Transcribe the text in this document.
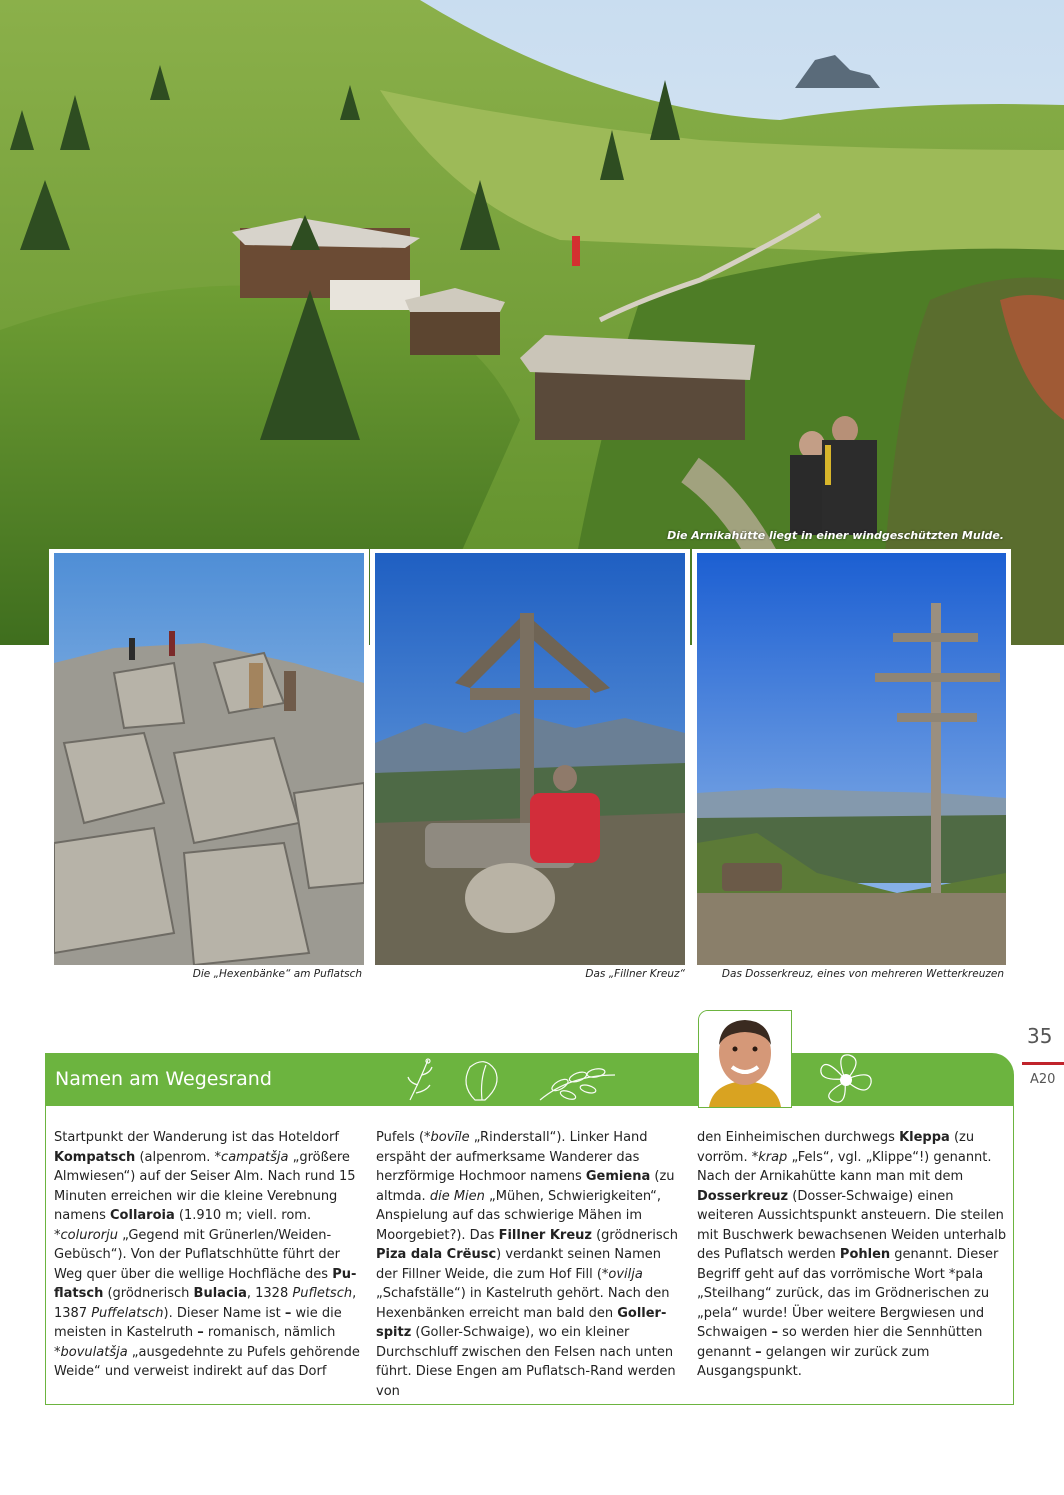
Die Arnikahütte liegt in einer windgeschützten Mulde.
Die „Hexenbänke“ am Puflatsch	Das „Fillner Kreuz“	Das Dosserkreuz, eines von mehreren Wetterkreuzen
Namen am Wegesrand

Startpunkt der Wanderung ist das Hoteldorf Kompatsch (alpenrom. *campatšja „größere Almwiesen“) auf der Seiser Alm. Nach rund 15 Minuten erreichen wir die kleine Verebnung namens Collaroia (1.910 m; viell. rom. *colurorju „Gegend mit Grünerlen/Weiden-Gebüsch“). Von der Puflatschhütte führt der Weg quer über die wellige Hochfläche des Puflatsch (grödnerisch Bulacia, 1328 Pufletsch, 1387 Puffelatsch). Dieser Name ist – wie die meisten in Kastelruth – romanisch, nämlich *bovulatšja „ausgedehnte zu Pufels gehörende Weide“ und verweist indirekt auf das Dorf

Pufels (*bovīle „Rinderstall“). Linker Hand erspäht der aufmerksame Wanderer das herzförmige Hochmoor namens Gemiena (zu altmda. die Mien „Mühen, Schwierigkeiten“, Anspielung auf das schwierige Mähen im Moorgebiet?). Das Fillner Kreuz (grödnerisch Piza dala Crëusc) verdankt seinen Namen der Fillner Weide, die zum Hof Fill (*ovilja „Schafställe“) in Kastelruth gehört. Nach den Hexenbänken erreicht man bald den Gollerspitz (Goller-Schwaige), wo ein kleiner Durchschluff zwischen den Felsen nach unten führt. Diese Engen am Puflatsch-Rand werden von

den Einheimischen durchwegs Kleppa (zu vorröm. *krap „Fels“, vgl. „Klippe“!) genannt. Nach der Arnikahütte kann man mit dem Dosserkreuz (Dosser-Schwaige) einen weiteren Aussichtspunkt ansteuern. Die steilen mit Buschwerk bewachsenen Weiden unterhalb des Puflatsch werden Pohlen genannt. Dieser Begriff geht auf das vorrömische Wort *pala „Steilhang“ zurück, das im Grödnerischen zu „pela“ wurde! Über weitere Bergwiesen und Schwaigen – so werden hier die Sennhütten genannt – gelangen wir zurück zum Ausgangspunkt.

35
A20
